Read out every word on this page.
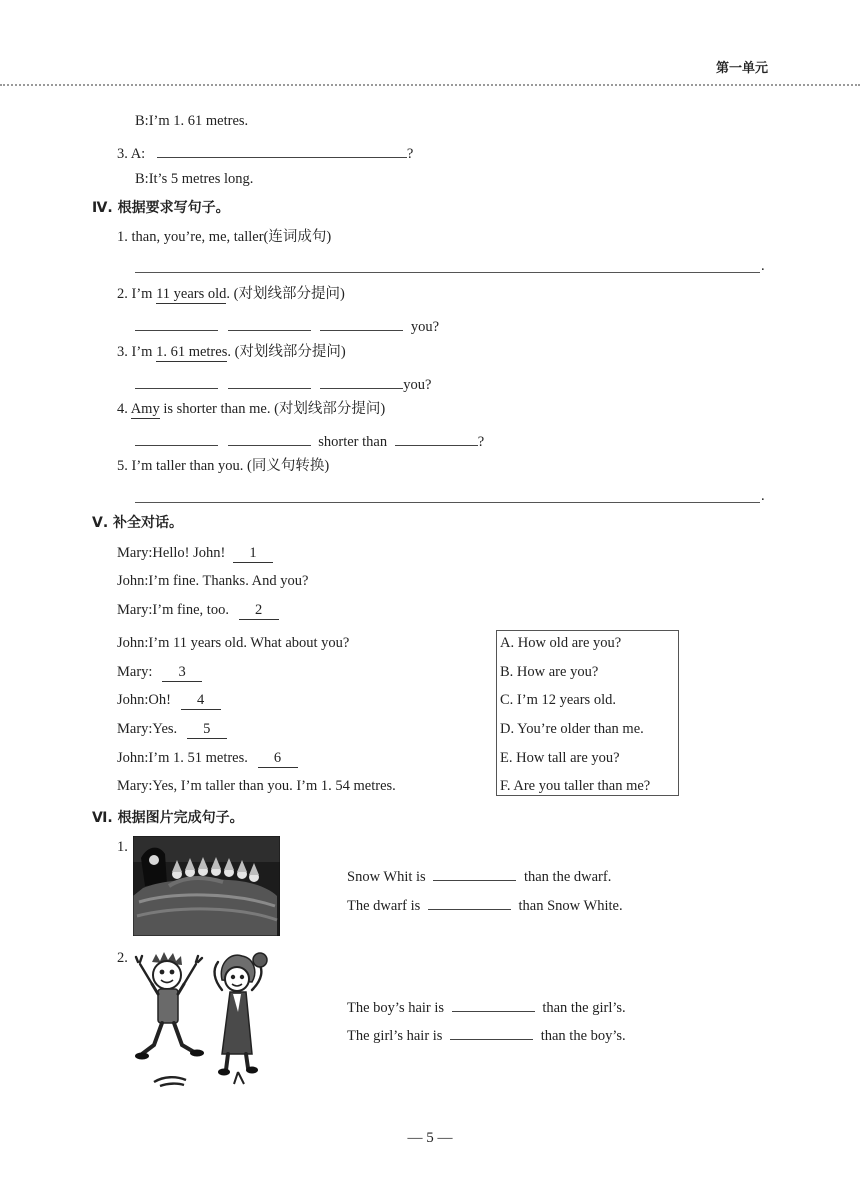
第一单元
B:I’m 1. 61 metres.
3. A:	?
B:It’s 5 metres long.
Ⅳ. 根据要求写句子。
1. than, you’re, me, taller(连词成句)
.
2. I’m 11 years old. (对划线部分提问)
you?
3. I’m 1. 61 metres. (对划线部分提问)
you?
4. Amy is shorter than me. (对划线部分提问)
shorter than	?
5. I’m taller than you. (同义句转换)
.
Ⅴ. 补全对话。
Mary:Hello! John! 1
John:I’m fine. Thanks. And you?
Mary:I’m fine, too. 2
John:I’m 11 years old. What about you?
Mary: 3
John:Oh! 4
Mary:Yes. 5
John:I’m 1. 51 metres. 6
Mary:Yes, I’m taller than you. I’m 1. 54 metres.
A. How old are you?
B. How are you?
C. I’m 12 years old.
D. You’re older than me.
E. How tall are you?
F. Are you taller than me?
Ⅵ. 根据图片完成句子。
1.
Snow Whit is	than the dwarf.
The dwarf is	than Snow White.
2.
The boy’s hair is	than the girl’s.
The girl’s hair is	than the boy’s.
— 5 —
